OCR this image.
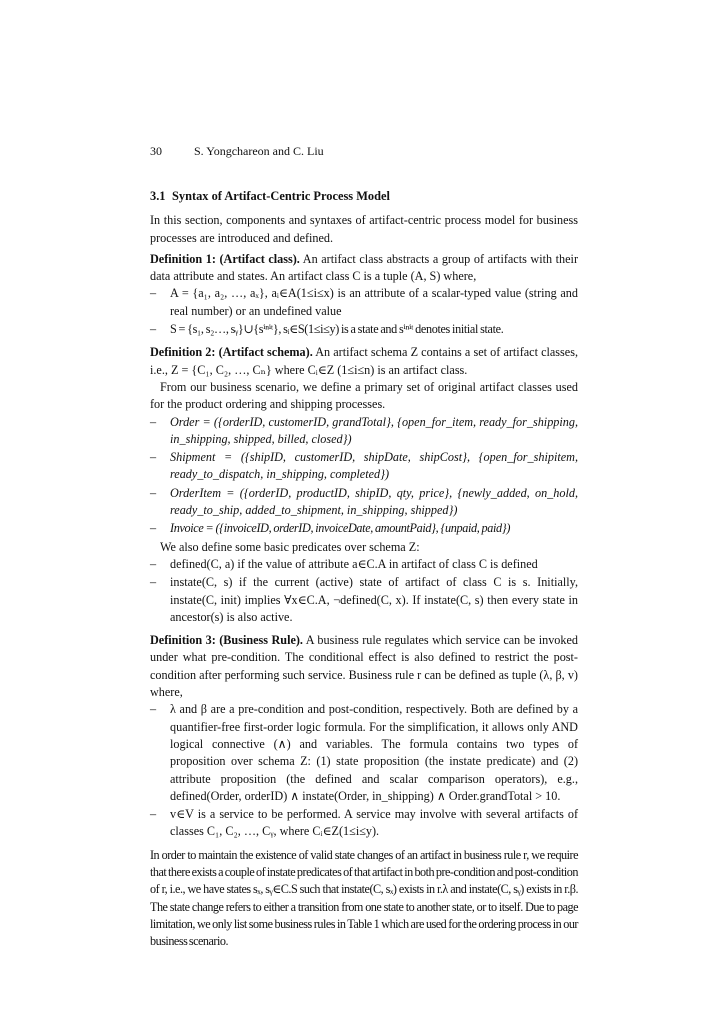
30	S. Yongchareon and C. Liu
3.1 Syntax of Artifact-Centric Process Model

In this section, components and syntaxes of artifact-centric process model for business processes are introduced and defined.

Definition 1: (Artifact class). An artifact class abstracts a group of artifacts with their data attribute and states. An artifact class C is a tuple (A, S) where,

–	A = {a₁, a₂, …, aₓ}, aᵢ∈A(1≤i≤x) is an attribute of a scalar-typed value (string and real number) or an undefined value
–	S = {s₁, s₂…, sᵧ}∪{sⁱⁿⁱᵗ}, sᵢ∈S(1≤i≤y) is a state and sⁱⁿⁱᵗ denotes initial state.

Definition 2: (Artifact schema). An artifact schema Z contains a set of artifact classes, i.e., Z = {C₁, C₂, …, Cₙ} where Cᵢ∈Z (1≤i≤n) is an artifact class.

From our business scenario, we define a primary set of original artifact classes used for the product ordering and shipping processes.

–	Order = ({orderID, customerID, grandTotal}, {open_for_item, ready_for_shipping, in_shipping, shipped, billed, closed})
–	Shipment = ({shipID, customerID, shipDate, shipCost}, {open_for_shipitem, ready_to_dispatch, in_shipping, completed})
–	OrderItem = ({orderID, productID, shipID, qty, price}, {newly_added, on_hold, ready_to_ship, added_to_shipment, in_shipping, shipped})
–	Invoice = ({invoiceID, orderID, invoiceDate, amountPaid}, {unpaid, paid})

We also define some basic predicates over schema Z:

–	defined(C, a) if the value of attribute a∈C.A in artifact of class C is defined
–	instate(C, s) if the current (active) state of artifact of class C is s. Initially, instate(C, init) implies ∀x∈C.A, ¬defined(C, x). If instate(C, s) then every state in ancestor(s) is also active.

Definition 3: (Business Rule). A business rule regulates which service can be invoked under what pre-condition. The conditional effect is also defined to restrict the post-condition after performing such service. Business rule r can be defined as tuple (λ, β, v) where,

–	λ and β are a pre-condition and post-condition, respectively. Both are defined by a quantifier-free first-order logic formula. For the simplification, it allows only AND logical connective (∧) and variables. The formula contains two types of proposition over schema Z: (1) state proposition (the instate predicate) and (2) attribute proposition (the defined and scalar comparison operators), e.g., defined(Order, orderID) ∧ instate(Order, in_shipping) ∧ Order.grandTotal > 10.
–	v∈V is a service to be performed. A service may involve with several artifacts of classes C₁, C₂, …, Cᵧ, where Cᵢ∈Z(1≤i≤y).

In order to maintain the existence of valid state changes of an artifact in business rule r, we require that there exists a couple of instate predicates of that artifact in both pre-condition and post-condition of r, i.e., we have states sₓ, sᵧ∈C.S such that instate(C, sₓ) exists in r.λ and instate(C, sᵧ) exists in r.β. The state change refers to either a transition from one state to another state, or to itself. Due to page limitation, we only list some business rules in Table 1 which are used for the ordering process in our business scenario.
